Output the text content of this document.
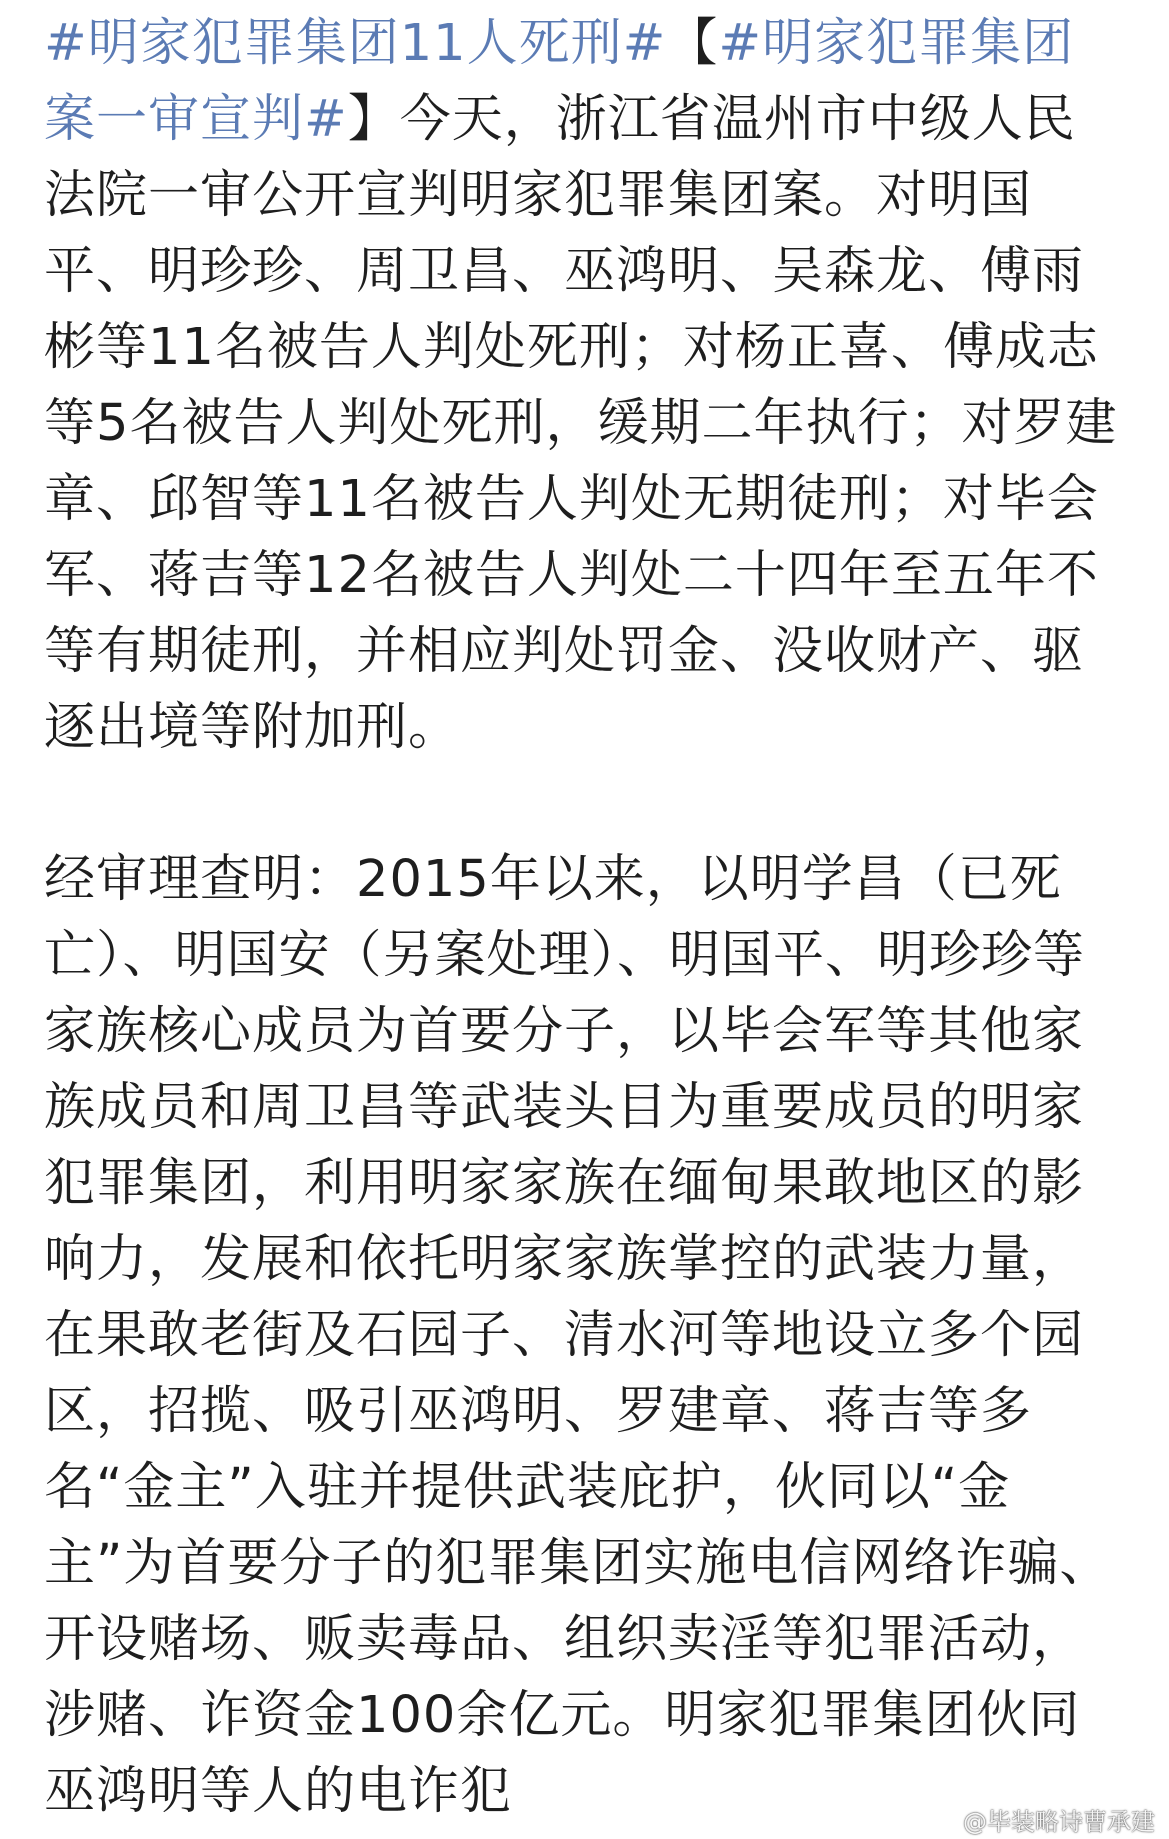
#明家犯罪集团11人死刑#【#明家犯罪集团案一审宣判#】今天，浙江省温州市中级人民法院一审公开宣判明家犯罪集团案。对明国平、明珍珍、周卫昌、巫鸿明、吴森龙、傅雨彬等11名被告人判处死刑；对杨正喜、傅成志等5名被告人判处死刑，缓期二年执行；对罗建章、邱智等11名被告人判处无期徒刑；对毕会军、蒋吉等12名被告人判处二十四年至五年不等有期徒刑，并相应判处罚金、没收财产、驱逐出境等附加刑。

经审理查明：2015年以来，以明学昌（已死亡）、明国安（另案处理）、明国平、明珍珍等家族核心成员为首要分子，以毕会军等其他家族成员和周卫昌等武装头目为重要成员的明家犯罪集团，利用明家家族在缅甸果敢地区的影响力，发展和依托明家家族掌控的武装力量，在果敢老街及石园子、清水河等地设立多个园区，招揽、吸引巫鸿明、罗建章、蒋吉等多名“金主”入驻并提供武装庇护，伙同以“金主”为首要分子的犯罪集团实施电信网络诈骗、开设赌场、贩卖毒品、组织卖淫等犯罪活动，涉赌、诈资金100余亿元。明家犯罪集团伙同巫鸿明等人的电诈犯

@毕装略诗曹承建
